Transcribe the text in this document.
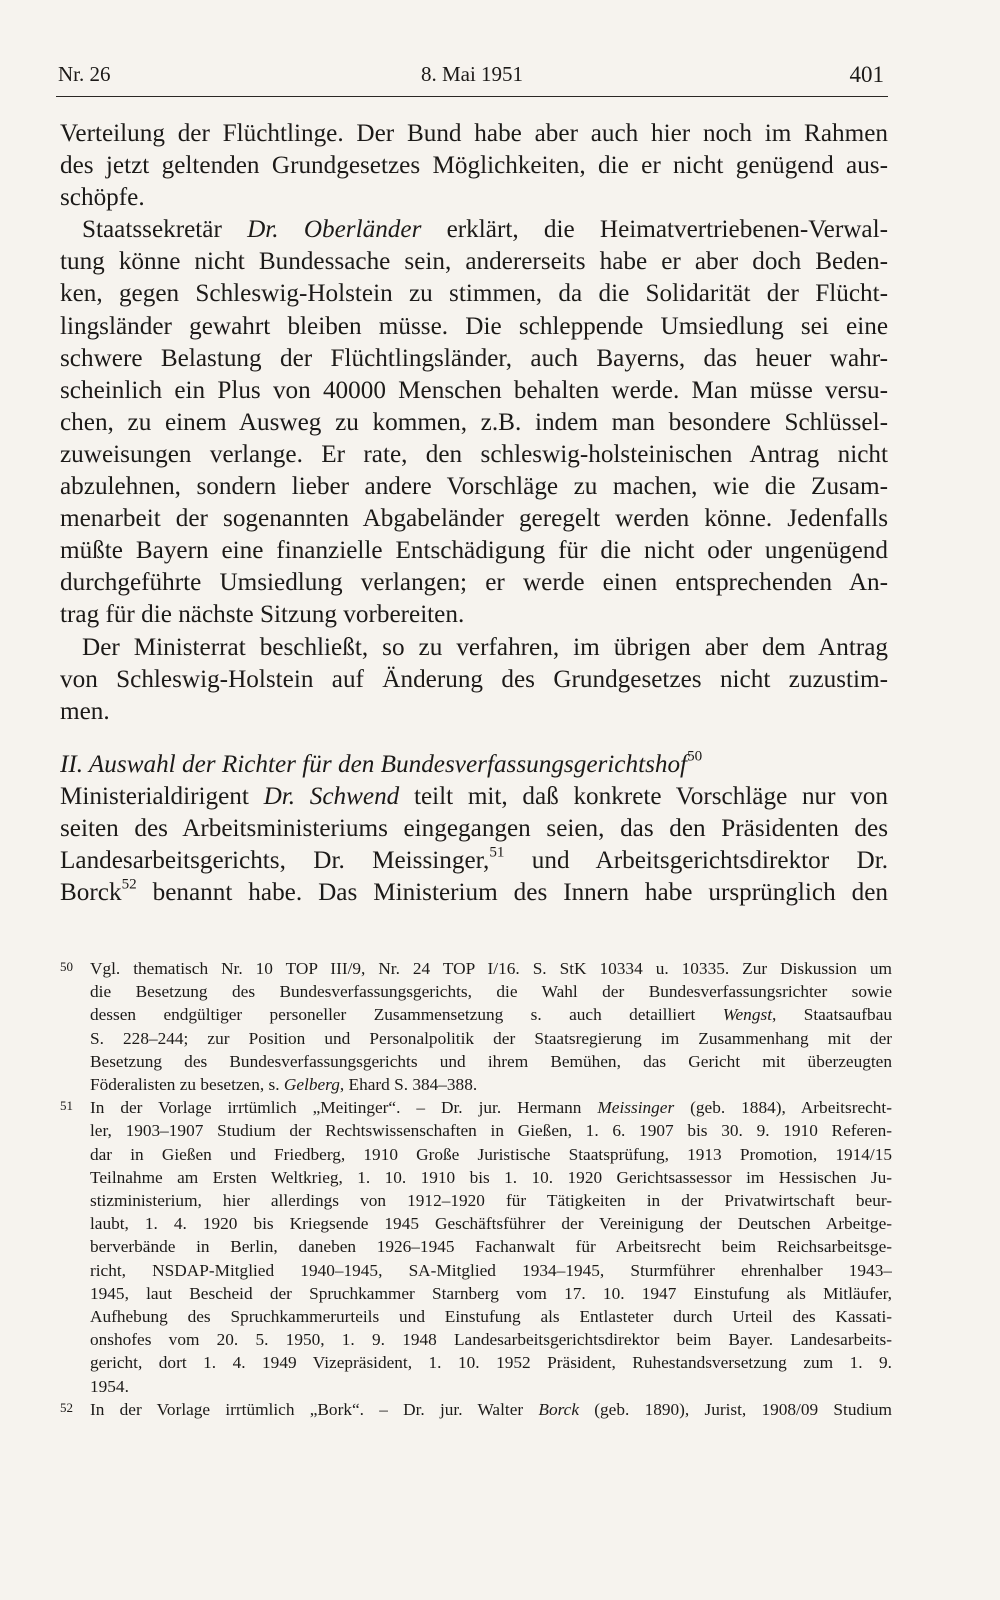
Nr. 26	8. Mai 1951	401
Verteilung der Flüchtlinge. Der Bund habe aber auch hier noch im Rahmen
des jetzt geltenden Grundgesetzes Möglichkeiten, die er nicht genügend aus-
schöpfe.
Staatssekretär Dr. Oberländer erklärt, die Heimatvertriebenen-Verwal-
tung könne nicht Bundessache sein, andererseits habe er aber doch Beden-
ken, gegen Schleswig-Holstein zu stimmen, da die Solidarität der Flücht-
lingsländer gewahrt bleiben müsse. Die schleppende Umsiedlung sei eine
schwere Belastung der Flüchtlingsländer, auch Bayerns, das heuer wahr-
scheinlich ein Plus von 40000 Menschen behalten werde. Man müsse versu-
chen, zu einem Ausweg zu kommen, z.B. indem man besondere Schlüssel-
zuweisungen verlange. Er rate, den schleswig-holsteinischen Antrag nicht
abzulehnen, sondern lieber andere Vorschläge zu machen, wie die Zusam-
menarbeit der sogenannten Abgabeländer geregelt werden könne. Jedenfalls
müßte Bayern eine finanzielle Entschädigung für die nicht oder ungenügend
durchgeführte Umsiedlung verlangen; er werde einen entsprechenden An-
trag für die nächste Sitzung vorbereiten.
Der Ministerrat beschließt, so zu verfahren, im übrigen aber dem Antrag
von Schleswig-Holstein auf Änderung des Grundgesetzes nicht zuzustim-
men.
II. Auswahl der Richter für den Bundesverfassungsgerichtshof$^{50}$
Ministerialdirigent Dr. Schwend teilt mit, daß konkrete Vorschläge nur von
seiten des Arbeitsministeriums eingegangen seien, das den Präsidenten des
Landesarbeitsgerichts, Dr. Meissinger,$^{51}$ und Arbeitsgerichtsdirektor Dr.
Borck$^{52}$ benannt habe. Das Ministerium des Innern habe ursprünglich den
50 Vgl. thematisch Nr. 10 TOP III/9, Nr. 24 TOP I/16. S. StK 10334 u. 10335. Zur Diskussion um
die Besetzung des Bundesverfassungsgerichts, die Wahl der Bundesverfassungsrichter sowie
dessen endgültiger personeller Zusammensetzung s. auch detailliert Wengst, Staatsaufbau
S. 228–244; zur Position und Personalpolitik der Staatsregierung im Zusammenhang mit der
Besetzung des Bundesverfassungsgerichts und ihrem Bemühen, das Gericht mit überzeugten
Föderalisten zu besetzen, s. Gelberg, Ehard S. 384–388.
51 In der Vorlage irrtümlich „Meitinger“. – Dr. jur. Hermann Meissinger (geb. 1884), Arbeitsrecht-
ler, 1903–1907 Studium der Rechtswissenschaften in Gießen, 1. 6. 1907 bis 30. 9. 1910 Referen-
dar in Gießen und Friedberg, 1910 Große Juristische Staatsprüfung, 1913 Promotion, 1914/15
Teilnahme am Ersten Weltkrieg, 1. 10. 1910 bis 1. 10. 1920 Gerichtsassessor im Hessischen Ju-
stizministerium, hier allerdings von 1912–1920 für Tätigkeiten in der Privatwirtschaft beur-
laubt, 1. 4. 1920 bis Kriegsende 1945 Geschäftsführer der Vereinigung der Deutschen Arbeitge-
berverbände in Berlin, daneben 1926–1945 Fachanwalt für Arbeitsrecht beim Reichsarbeitsge-
richt, NSDAP-Mitglied 1940–1945, SA-Mitglied 1934–1945, Sturmführer ehrenhalber 1943–
1945, laut Bescheid der Spruchkammer Starnberg vom 17. 10. 1947 Einstufung als Mitläufer,
Aufhebung des Spruchkammerurteils und Einstufung als Entlasteter durch Urteil des Kassati-
onshofes vom 20. 5. 1950, 1. 9. 1948 Landesarbeitsgerichtsdirektor beim Bayer. Landesarbeits-
gericht, dort 1. 4. 1949 Vizepräsident, 1. 10. 1952 Präsident, Ruhestandsversetzung zum 1. 9.
1954.
52 In der Vorlage irrtümlich „Bork“. – Dr. jur. Walter Borck (geb. 1890), Jurist, 1908/09 Studium
